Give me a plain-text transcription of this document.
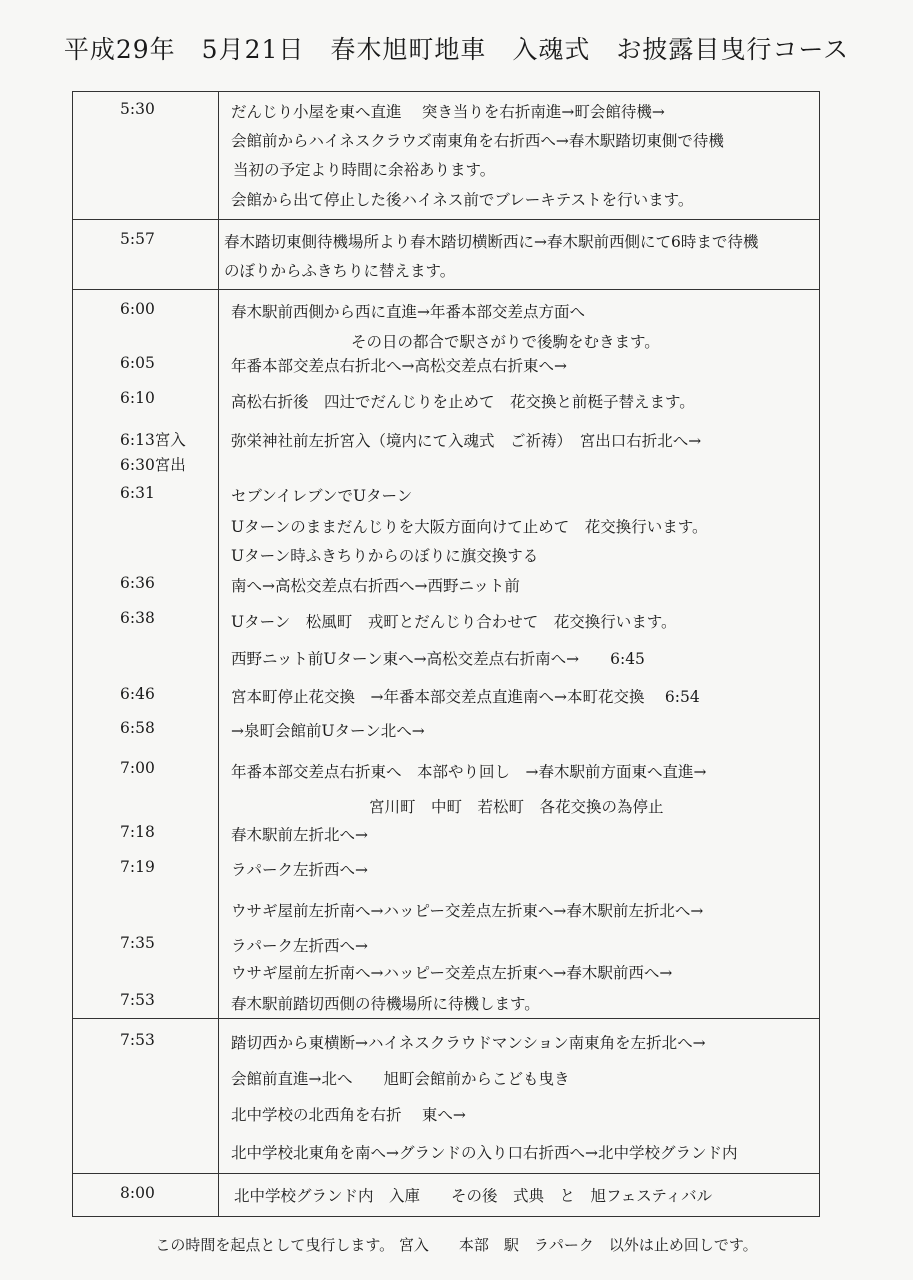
平成29年　5月21日　春木旭町地車　入魂式　お披露目曳行コース
5:30	だんじり小屋を東へ直進　 突き当りを右折南進→町会館待機→
会館前からハイネスクラウズ南東角を右折西へ→春木駅踏切東側で待機
当初の予定より時間に余裕あります。
会館から出て停止した後ハイネス前でブレーキテストを行います。
5:57	春木踏切東側待機場所より春木踏切横断西に→春木駅前西側にて6時まで待機
のぼりからふきちりに替えます。
6:00	春木駅前西側から西に直進→年番本部交差点方面へ
その日の都合で駅さがりで後駒をむきます。
6:05	年番本部交差点右折北へ→高松交差点右折東へ→
6:10	高松右折後　四辻でだんじりを止めて　花交換と前梃子替えます。
6:13宮入	弥栄神社前左折宮入（境内にて入魂式　ご祈祷）　宮出口右折北へ→
6:30宮出
6:31	セブンイレブンでUターン
Uターンのままだんじりを大阪方面向けて止めて　花交換行います。
Uターン時ふきちりからのぼりに旗交換する
6:36	南へ→高松交差点右折西へ→西野ニット前
6:38	Uターン　松風町　戎町とだんじり合わせて　花交換行います。
西野ニット前Uターン東へ→高松交差点右折南へ→　　6:45
6:46	宮本町停止花交換　→年番本部交差点直進南へ→本町花交換　 6:54
6:58	→泉町会館前Uターン北へ→
7:00	年番本部交差点右折東へ　本部やり回し　→春木駅前方面東へ直進→
宮川町　中町　若松町　各花交換の為停止
7:18	春木駅前左折北へ→
7:19	ラパーク左折西へ→
ウサギ屋前左折南へ→ハッピー交差点左折東へ→春木駅前左折北へ→
7:35	ラパーク左折西へ→
ウサギ屋前左折南へ→ハッピー交差点左折東へ→春木駅前西へ→
7:53	春木駅前踏切西側の待機場所に待機します。
7:53	踏切西から東横断→ハイネスクラウドマンション南東角を左折北へ→
会館前直進→北へ　　旭町会館前からこども曳き
北中学校の北西角を右折　 東へ→
北中学校北東角を南へ→グランドの入り口右折西へ→北中学校グランド内
8:00	北中学校グランド内　入庫　　その後　式典　と　旭フェスティバル
この時間を起点として曳行します。 宮入　　本部　駅　ラパーク　以外は止め回しです。
